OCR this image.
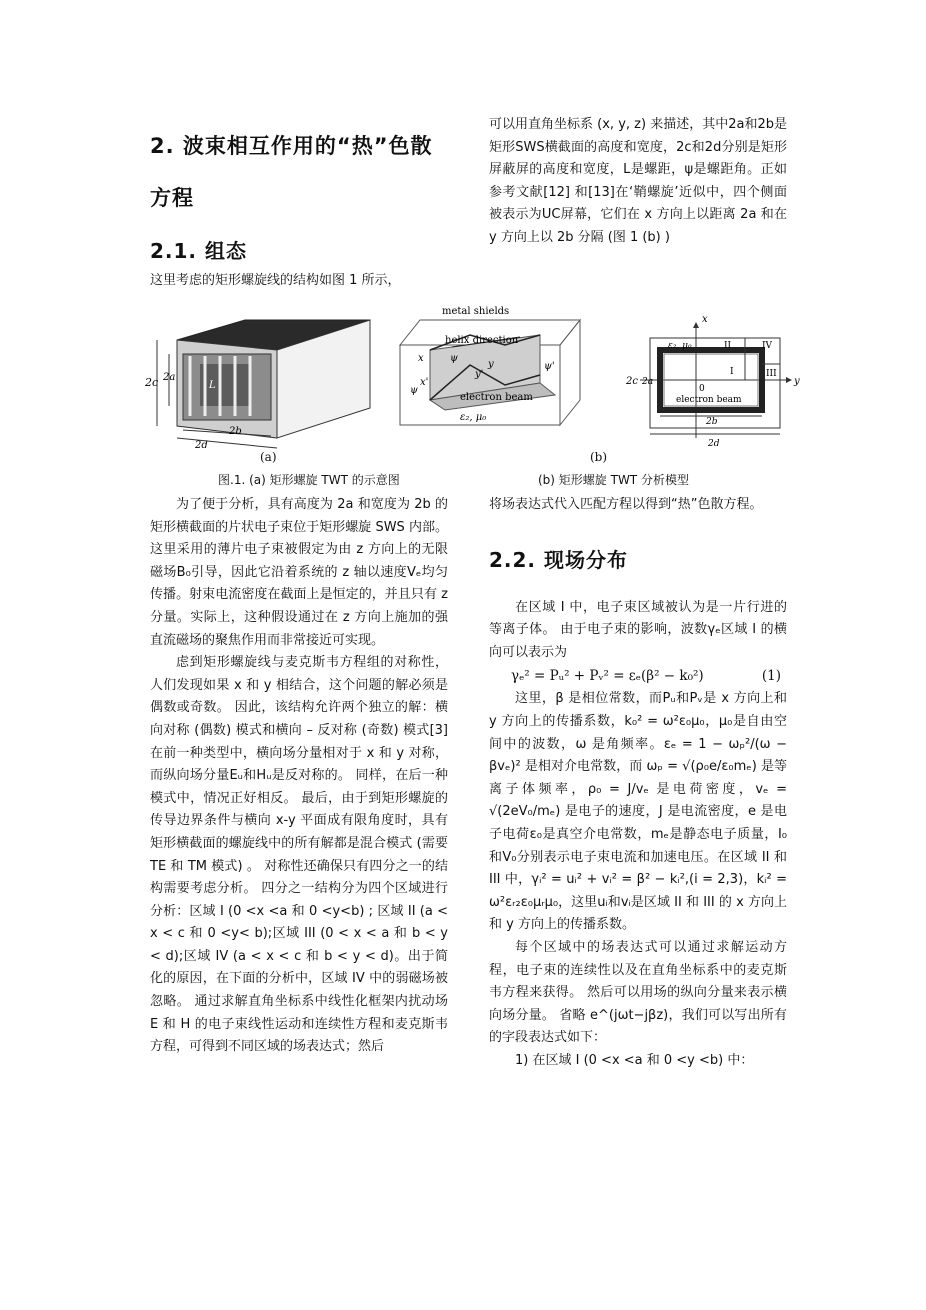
2. 波束相互作用的“热”色散
方程
2.1. 组态

这里考虑的矩形螺旋线的结构如图 1 所示，

可以用直角坐标系 (x, y, z) 来描述，其中2a和2b是矩形SWS横截面的高度和宽度，2c和2d分别是矩形屏蔽屏的高度和宽度，L是螺距，ψ是螺距角。正如参考文献[12] 和[13]在‘鞘螺旋’近似中，四个侧面被表示为UC屏幕，它们在 x 方向上以距离 2a 和在 y 方向上以 2b 分隔 (图 1 (b) )

2c 2a
L
2b
2d
metal shields
helix direction
x
y
ψ
x'
y'
ψ'
ψ
electron beam
ε₂, μ₀
x
y
ε₂, μ₀	II	IV
I	III
0
electron beam
2c 2a
2b
2d
(a)	(b)
图.1. (a) 矩形螺旋 TWT 的示意图	(b) 矩形螺旋 TWT 分析模型

为了便于分析，具有高度为 2a 和宽度为 2b 的矩形横截面的片状电子束位于矩形螺旋 SWS 内部。 这里采用的薄片电子束被假定为由 z 方向上的无限磁场B₀引导，因此它沿着系统的 z 轴以速度Vₑ均匀传播。射束电流密度在截面上是恒定的，并且只有 z 分量。实际上，这种假设通过在 z 方向上施加的强直流磁场的聚焦作用而非常接近可实现。

虑到矩形螺旋线与麦克斯韦方程组的对称性，人们发现如果 x 和 y 相结合，这个问题的解必须是偶数或奇数。 因此，该结构允许两个独立的解：横向对称 (偶数) 模式和横向 – 反对称 (奇数) 模式[3]在前一种类型中，横向场分量相对于 x 和 y 对称，而纵向场分量Eᵤ和Hᵤ是反对称的。 同样，在后一种模式中，情况正好相反。 最后，由于到矩形螺旋的传导边界条件与横向 x-y 平面成有限角度时，具有矩形横截面的螺旋线中的所有解都是混合模式 (需要 TE 和 TM 模式) 。 对称性还确保只有四分之一的结构需要考虑分析。 四分之一结构分为四个区域进行分析：区域 I (0 <x <a 和 0 <y<b) ; 区域 II (a < x < c 和 0 <y< b);区域 III (0 < x < a 和 b < y < d);区域 IV (a < x < c 和 b < y < d)。出于简化的原因，在下面的分析中，区域 IV 中的弱磁场被忽略。 通过求解直角坐标系中线性化框架内扰动场 E 和 H 的电子束线性运动和连续性方程和麦克斯韦方程，可得到不同区域的场表达式；然后

将场表达式代入匹配方程以得到“热”色散方程。

2.2. 现场分布

在区域 I 中，电子束区域被认为是一片行进的等离子体。 由于电子束的影响，波数γₑ区域 I 的横向可以表示为

γₑ² = Pᵤ² + Pᵥ² = εₑ(β² − k₀²)	(1)

这里，β 是相位常数，而Pᵤ和Pᵥ是 x 方向上和 y 方向上的传播系数，k₀² = ω²ε₀μ₀，μ₀是自由空间中的波数，ω 是角频率。εₑ = 1 − ωₚ²/(ω − βvₑ)² 是相对介电常数，而 ωₚ = √(ρ₀e/ε₀mₑ) 是等离子体频率，ρ₀ = J/vₑ 是电荷密度，vₑ = √(2eV₀/mₑ) 是电子的速度，J 是电流密度，e 是电子电荷ε₀是真空介电常数，mₑ是静态电子质量，I₀和V₀分别表示电子束电流和加速电压。在区域 II 和 III 中，γᵢ² = uᵢ² + vᵢ² = β² − kᵢ²,(i = 2,3)，kᵢ² = ω²εᵣ₂ε₀μᵣμ₀，这里uᵢ和vᵢ是区域 II 和 III 的 x 方向上和 y 方向上的传播系数。

每个区域中的场表达式可以通过求解运动方程，电子束的连续性以及在直角坐标系中的麦克斯韦方程来获得。 然后可以用场的纵向分量来表示横向场分量。 省略 e^(jωt−jβz)，我们可以写出所有的字段表达式如下：

1) 在区域 I (0 <x <a 和 0 <y <b) 中：
